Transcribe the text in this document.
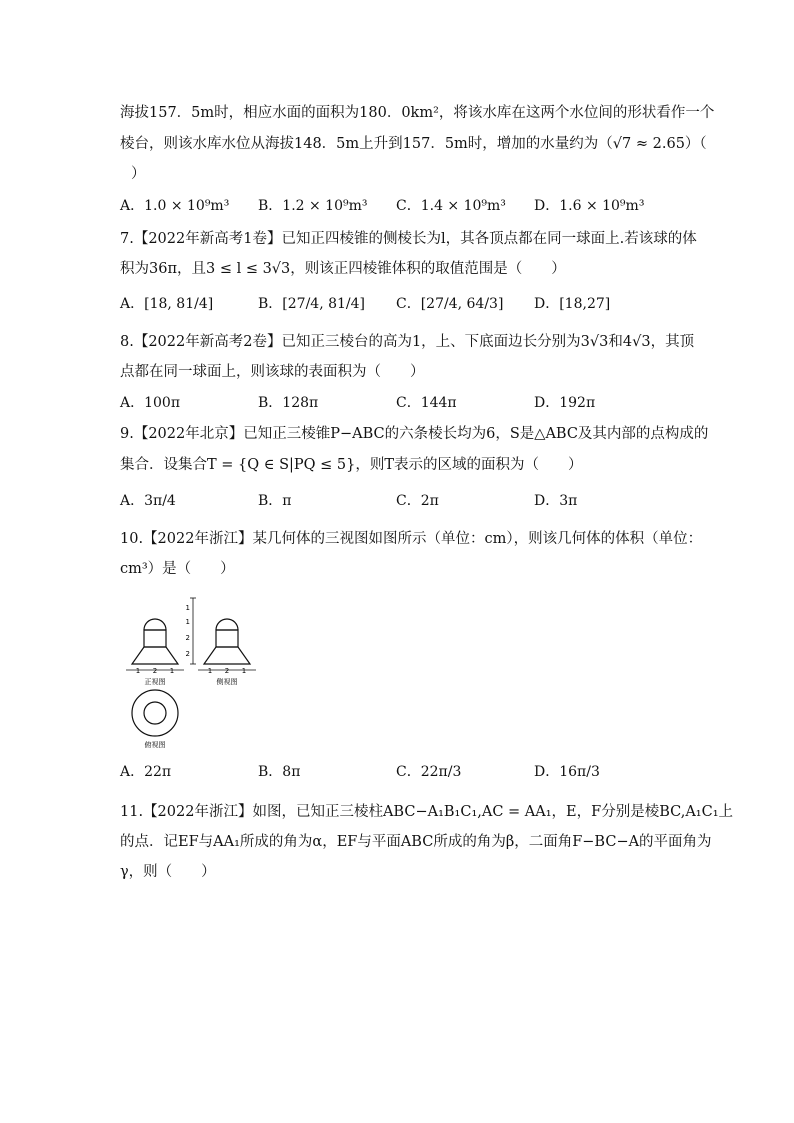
海拔157．5m时，相应水面的面积为180．0km²，将该水库在这两个水位间的形状看作一个
棱台，则该水库水位从海拔148．5m上升到157．5m时，增加的水量约为（√7 ≈ 2.65）（
）
A．1.0 × 10⁹m³ B．1.2 × 10⁹m³ C．1.4 × 10⁹m³ D．1.6 × 10⁹m³
7.【2022年新高考1卷】已知正四棱锥的侧棱长为l，其各顶点都在同一球面上.若该球的体
积为36π，且3 ≤ l ≤ 3√3，则该正四棱锥体积的取值范围是（　　）
A．[18, 81/4]	B．[27/4, 81/4] C．[27/4, 64/3] D．[18,27]
8.【2022年新高考2卷】已知正三棱台的高为1，上、下底面边长分别为3√3和4√3，其顶
点都在同一球面上，则该球的表面积为（　　）
A．100π	B．128π	C．144π	D．192π
9.【2022年北京】已知正三棱锥P−ABC的六条棱长均为6，S是△ABC及其内部的点构成的
集合．设集合T = {Q ∈ S|PQ ≤ 5}，则T表示的区域的面积为（　　）
A．3π/4	B．π	C．2π	D．3π
10.【2022年浙江】某几何体的三视图如图所示（单位：cm），则该几何体的体积（单位：
cm³）是（　　）
1
1
2
2
1 2 1	1 2 1
正视图	侧视图
俯视图
A．22π	B．8π	C．22π/3	D．16π/3
11.【2022年浙江】如图，已知正三棱柱ABC−A₁B₁C₁,AC = AA₁，E，F分别是棱BC,A₁C₁上
的点．记EF与AA₁所成的角为α，EF与平面ABC所成的角为β，二面角F−BC−A的平面角为
γ，则（　　）
